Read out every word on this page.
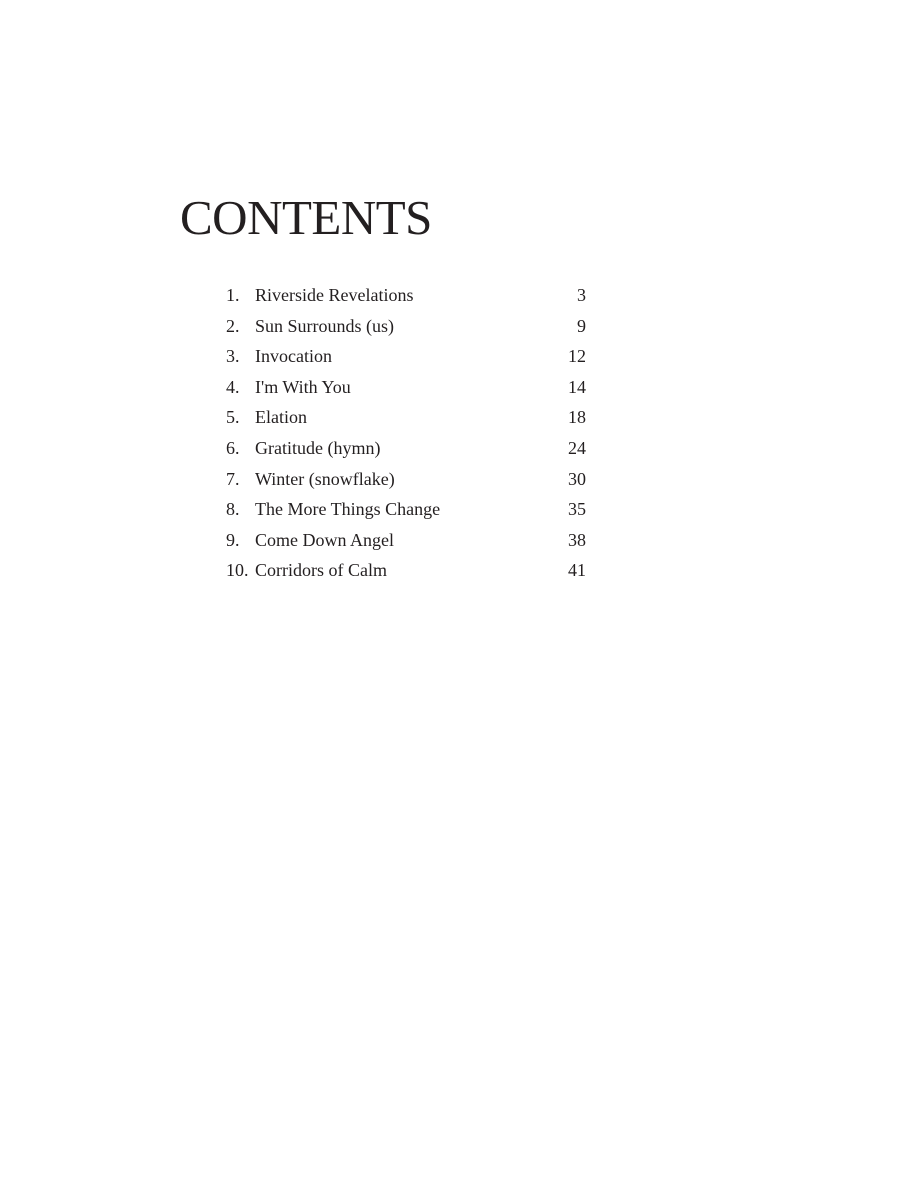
CONTENTS
1. Riverside Revelations	3
2. Sun Surrounds (us)	9
3. Invocation	12
4. I'm With You	14
5. Elation	18
6. Gratitude (hymn)	24
7. Winter (snowflake)	30
8. The More Things Change	35
9. Come Down Angel	38
10. Corridors of Calm	41
